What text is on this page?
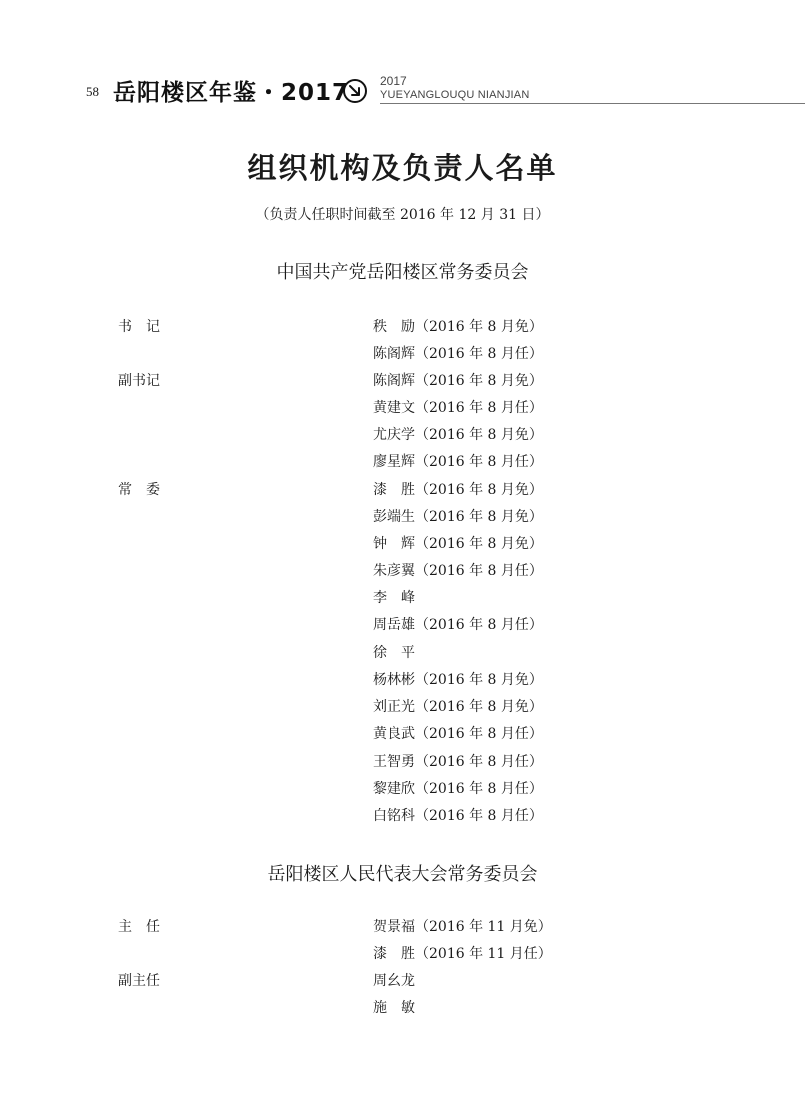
58 岳阳楼区年鉴・2017	2017
YUEYANGLOUQU NIANJIAN
组织机构及负责人名单
（负责人任职时间截至 2016 年 12 月 31 日）
中国共产党岳阳楼区常务委员会
书　记	秩　励（2016 年 8 月免）
陈阁辉（2016 年 8 月任）
副书记	陈阁辉（2016 年 8 月免）
黄建文（2016 年 8 月任）
尤庆学（2016 年 8 月免）
廖星辉（2016 年 8 月任）
常　委	漆　胜（2016 年 8 月免）
彭端生（2016 年 8 月免）
钟　辉（2016 年 8 月免）
朱彦翼（2016 年 8 月任）
李　峰
周岳雄（2016 年 8 月任）
徐　平
杨林彬（2016 年 8 月免）
刘正光（2016 年 8 月免）
黄良武（2016 年 8 月任）
王智勇（2016 年 8 月任）
黎建欣（2016 年 8 月任）
白铭科（2016 年 8 月任）
岳阳楼区人民代表大会常务委员会
主　任	贺景福（2016 年 11 月免）
漆　胜（2016 年 11 月任）
副主任	周幺龙
施　敏
